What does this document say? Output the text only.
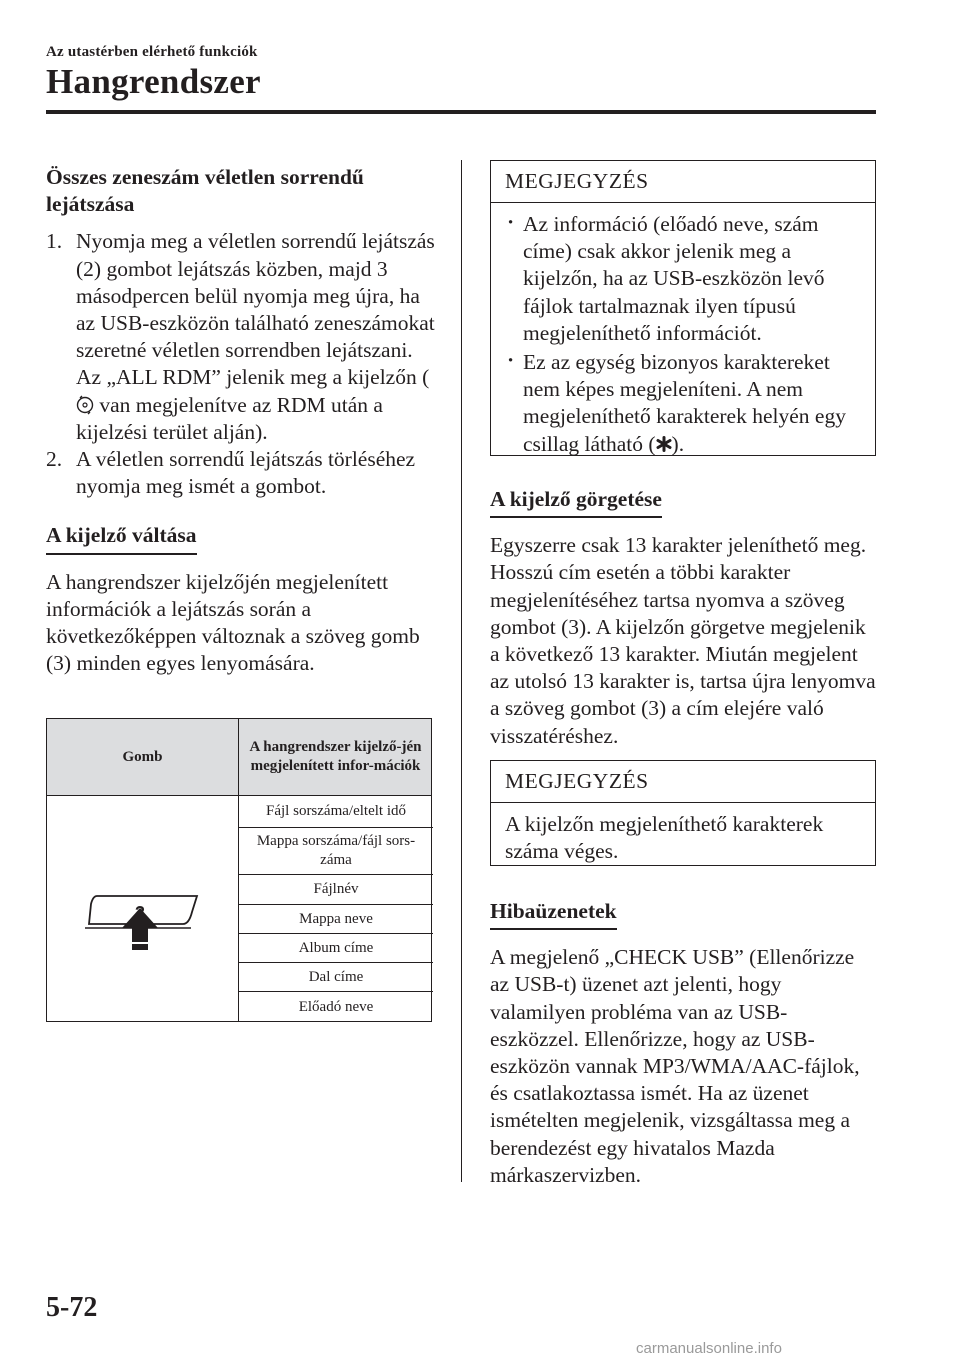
Az utastérben elérhető funkciók
Hangrendszer

Összes zeneszám véletlen sorrendű
lejátszása

1. Nyomja meg a véletlen sorrendű lejátszás (2) gombot lejátszás közben, majd 3 másodpercen belül nyomja meg újra, ha az USB-eszközön található zeneszámokat szeretné véletlen sorrendben lejátszani. Az „ALL RDM” jelenik meg a kijelzőn ( van megjelenítve az RDM után a kijelzési terület alján).
2. A véletlen sorrendű lejátszás törléséhez nyomja meg ismét a gombot.
A kijelző váltása

A hangrendszer kijelzőjén megjelenített információk a lejátszás során a következőképpen változnak a szöveg gomb (3) minden egyes lenyomására.

Gomb
A hangrendszer kijelző-jén megjelenített infor-mációk
Fájl sorszáma/eltelt idő
Mappa sorszáma/fájl sors-záma
Fájlnév
Mappa neve
Album címe
Dal címe
Előadó neve
MEGJEGYZÉS
· Az információ (előadó neve, szám címe) csak akkor jelenik meg a kijelzőn, ha az USB-eszközön levő fájlok tartalmaznak ilyen típusú megjeleníthető információt.
· Ez az egység bizonyos karaktereket nem képes megjeleníteni. A nem megjeleníthető karakterek helyén egy csillag látható ( ).
A kijelző görgetése

Egyszerre csak 13 karakter jeleníthető meg. Hosszú cím esetén a többi karakter megjelenítéséhez tartsa nyomva a szöveg gombot (3). A kijelzőn görgetve megjelenik a következő 13 karakter. Miután megjelent az utolsó 13 karakter is, tartsa újra lenyomva a szöveg gombot (3) a cím elejére való visszatéréshez.

MEGJEGYZÉS
A kijelzőn megjeleníthető karakterek száma véges.
Hibaüzenetek

A megjelenő „CHECK USB” (Ellenőrizze az USB-t) üzenet azt jelenti, hogy valamilyen probléma van az USB-eszközzel. Ellenőrizze, hogy az USB-eszközön vannak MP3/WMA/AAC-fájlok, és csatlakoztassa ismét. Ha az üzenet ismételten megjelenik, vizsgáltassa meg a berendezést egy hivatalos Mazda márkaszervizben.

5-72
carmanualsonline.info
